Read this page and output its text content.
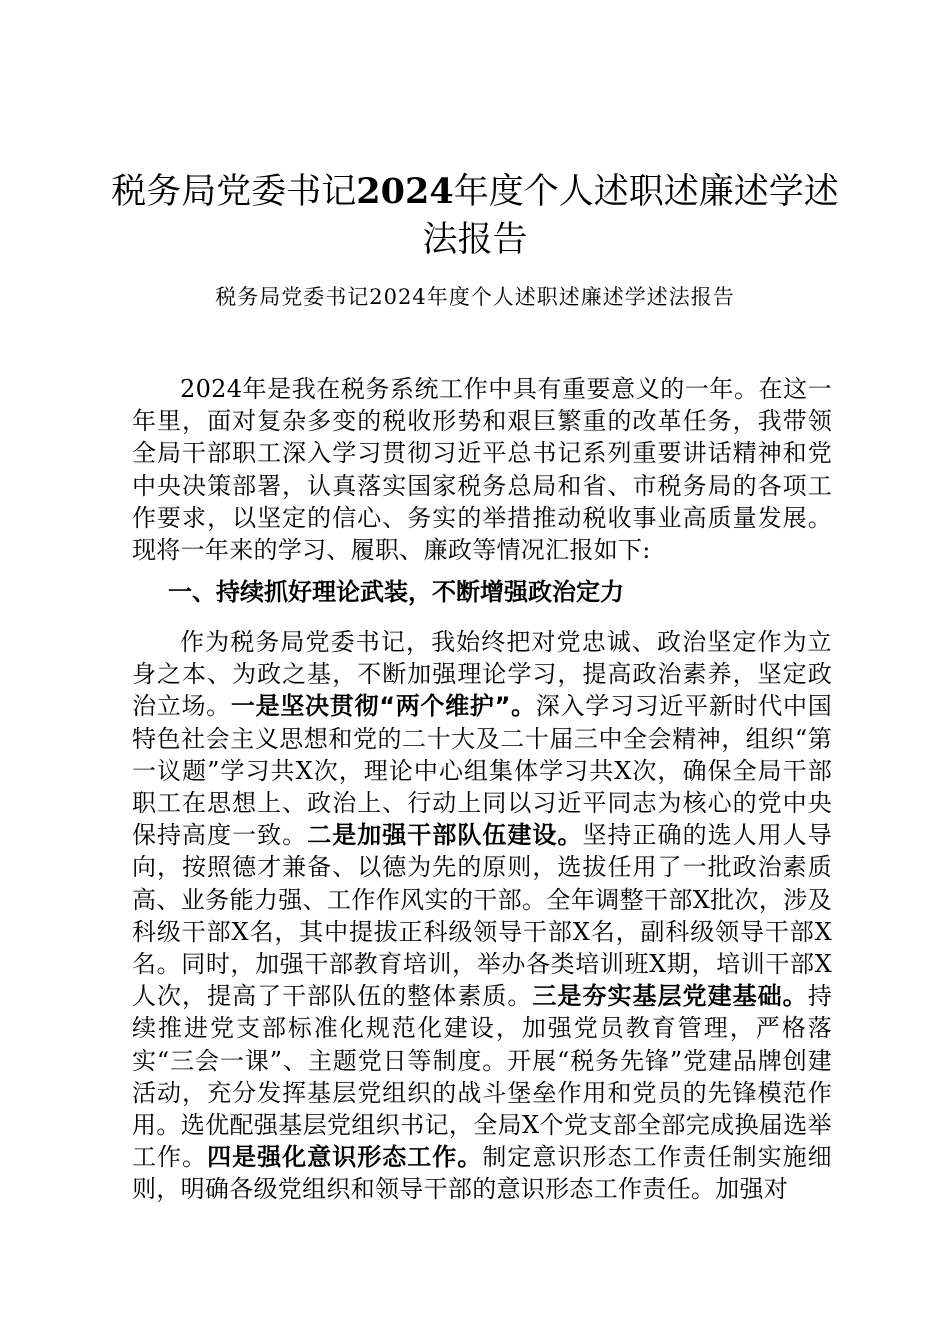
税务局党委书记2024年度个人述职述廉述学述法报告
税务局党委书记2024年度个人述职述廉述学述法报告

2024年是我在税务系统工作中具有重要意义的一年。在这一年里，面对复杂多变的税收形势和艰巨繁重的改革任务，我带领全局干部职工深入学习贯彻习近平总书记系列重要讲话精神和党中央决策部署，认真落实国家税务总局和省、市税务局的各项工作要求，以坚定的信心、务实的举措推动税收事业高质量发展。现将一年来的学习、履职、廉政等情况汇报如下:

一、持续抓好理论武装，不断增强政治定力

作为税务局党委书记，我始终把对党忠诚、政治坚定作为立身之本、为政之基，不断加强理论学习，提高政治素养，坚定政治立场。一是坚决贯彻“两个维护”。深入学习习近平新时代中国特色社会主义思想和党的二十大及二十届三中全会精神，组织“第一议题”学习共X次，理论中心组集体学习共X次，确保全局干部职工在思想上、政治上、行动上同以习近平同志为核心的党中央保持高度一致。二是加强干部队伍建设。坚持正确的选人用人导向，按照德才兼备、以德为先的原则，选拔任用了一批政治素质高、业务能力强、工作作风实的干部。全年调整干部X批次，涉及科级干部X名，其中提拔正科级领导干部X名，副科级领导干部X名。同时，加强干部教育培训，举办各类培训班X期，培训干部X人次，提高了干部队伍的整体素质。三是夯实基层党建基础。持续推进党支部标准化规范化建设，加强党员教育管理，严格落实“三会一课”、主题党日等制度。开展“税务先锋”党建品牌创建活动，充分发挥基层党组织的战斗堡垒作用和党员的先锋模范作用。选优配强基层党组织书记，全局X个党支部全部完成换届选举工作。四是强化意识形态工作。制定意识形态工作责任制实施细则，明确各级党组织和领导干部的意识形态工作责任。加强对
